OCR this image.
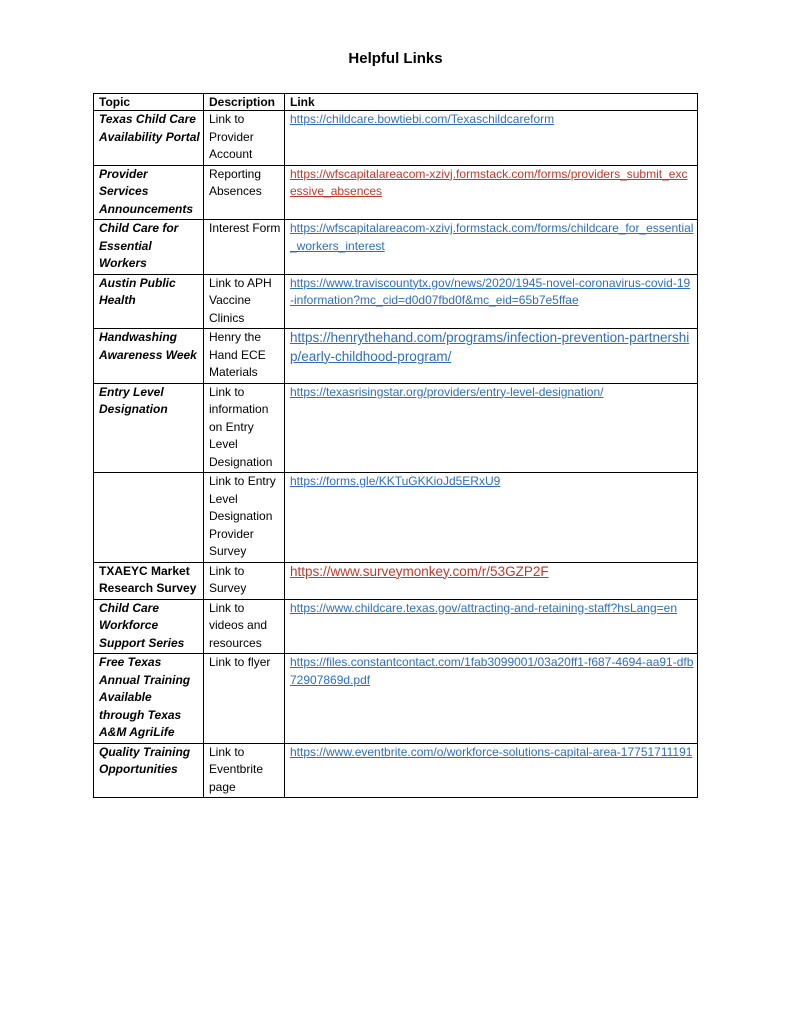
Helpful Links
Topic	Description	Link
Texas Child Care Availability Portal	Link to Provider Account	https://childcare.bowtiebi.com/Texaschildcareform
Provider Services Announcements	Reporting Absences	https://wfscapitalareacom-xzivj.formstack.com/forms/providers_submit_excessive_absences
Child Care for Essential Workers	Interest Form	https://wfscapitalareacom-xzivj.formstack.com/forms/childcare_for_essential_workers_interest
Austin Public Health	Link to APH Vaccine Clinics	https://www.traviscountytx.gov/news/2020/1945-novel-coronavirus-covid-19-information?mc_cid=d0d07fbd0f&mc_eid=65b7e5ffae
Handwashing Awareness Week	Henry the Hand ECE Materials	https://henrythehand.com/programs/infection-prevention-partnership/early-childhood-program/
Entry Level Designation	Link to information on Entry Level Designation	https://texasrisingstar.org/providers/entry-level-designation/
	Link to Entry Level Designation Provider Survey	https://forms.gle/KKTuGKKioJd5ERxU9
TXAEYC Market Research Survey	Link to Survey	https://www.surveymonkey.com/r/53GZP2F
Child Care Workforce Support Series	Link to videos and resources	https://www.childcare.texas.gov/attracting-and-retaining-staff?hsLang=en
Free Texas Annual Training Available through Texas A&M AgriLife	Link to flyer	https://files.constantcontact.com/1fab3099001/03a20ff1-f687-4694-aa91-dfb72907869d.pdf
Quality Training Opportunities	Link to Eventbrite page	https://www.eventbrite.com/o/workforce-solutions-capital-area-17751711191
